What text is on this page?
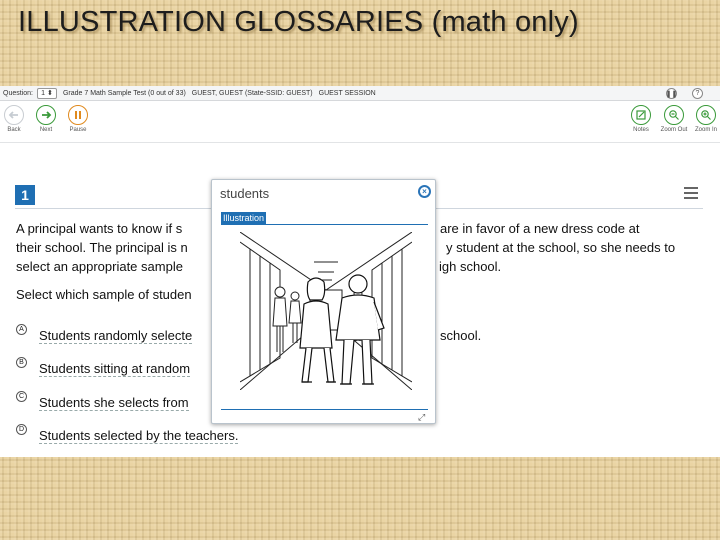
ILLUSTRATION GLOSSARIES (math only)
Question:	1 ⬍	Grade 7 Math Sample Test (0 out of 33) GUEST, GUEST (State-SSID: GUEST) GUEST SESSION	❚❚	?
Back	Next	Pause	Notes	Zoom Out	Zoom In
1
A principal wants to know if s	are in favor of a new dress code at
their school. The principal is n	y student at the school, so she needs to
select an appropriate sample	igh school.
Select which sample of studen
A Students randomly selecte	school.
B Students sitting at random
C Students she selects from
D Students selected by the teachers.
students	×
Illustration
⤢
